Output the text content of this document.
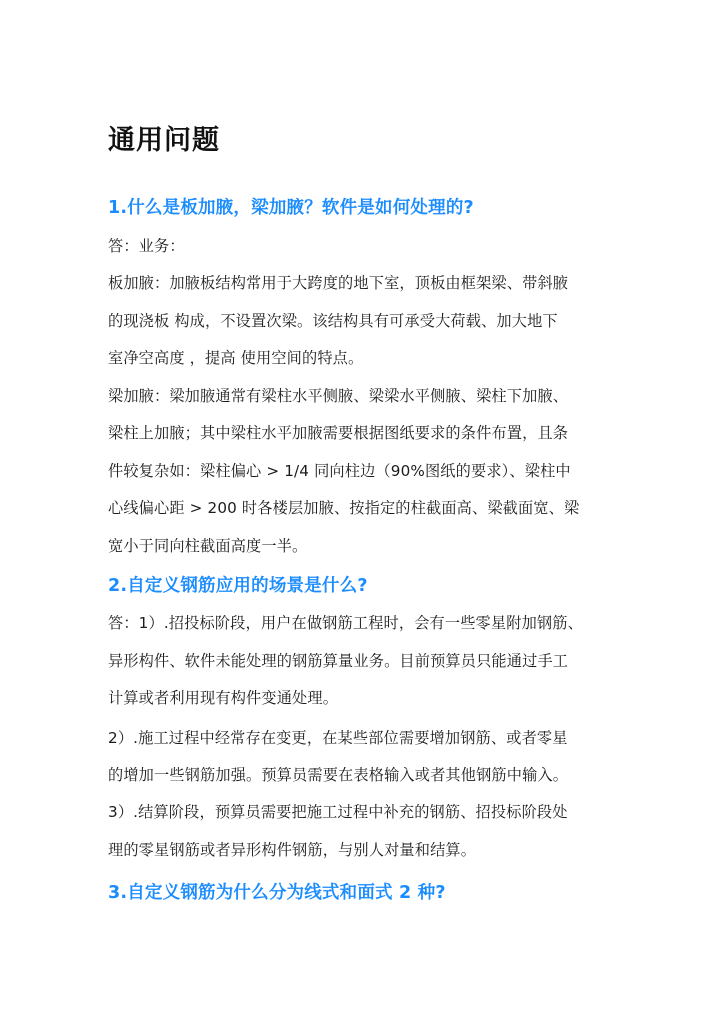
通用问题
1.什么是板加腋，梁加腋？软件是如何处理的?
答：业务：
板加腋：加腋板结构常用于大跨度的地下室，顶板由框架梁、带斜腋
的现浇板 构成，不设置次梁。该结构具有可承受大荷载、加大地下
室净空高度 ，提高 使用空间的特点。
梁加腋：梁加腋通常有梁柱水平侧腋、梁梁水平侧腋、梁柱下加腋、
梁柱上加腋；其中梁柱水平加腋需要根据图纸要求的条件布置，且条
件较复杂如：梁柱偏心 > 1/4 同向柱边（90%图纸的要求）、梁柱中
心线偏心距 > 200 时各楼层加腋、按指定的柱截面高、梁截面宽、梁
宽小于同向柱截面高度一半。
2.自定义钢筋应用的场景是什么?
答：1）.招投标阶段，用户在做钢筋工程时，会有一些零星附加钢筋、
异形构件、软件未能处理的钢筋算量业务。目前预算员只能通过手工
计算或者利用现有构件变通处理。
2）.施工过程中经常存在变更，在某些部位需要增加钢筋、或者零星
的增加一些钢筋加强。预算员需要在表格输入或者其他钢筋中输入。
3）.结算阶段，预算员需要把施工过程中补充的钢筋、招投标阶段处
理的零星钢筋或者异形构件钢筋，与别人对量和结算。
3.自定义钢筋为什么分为线式和面式 2 种?
